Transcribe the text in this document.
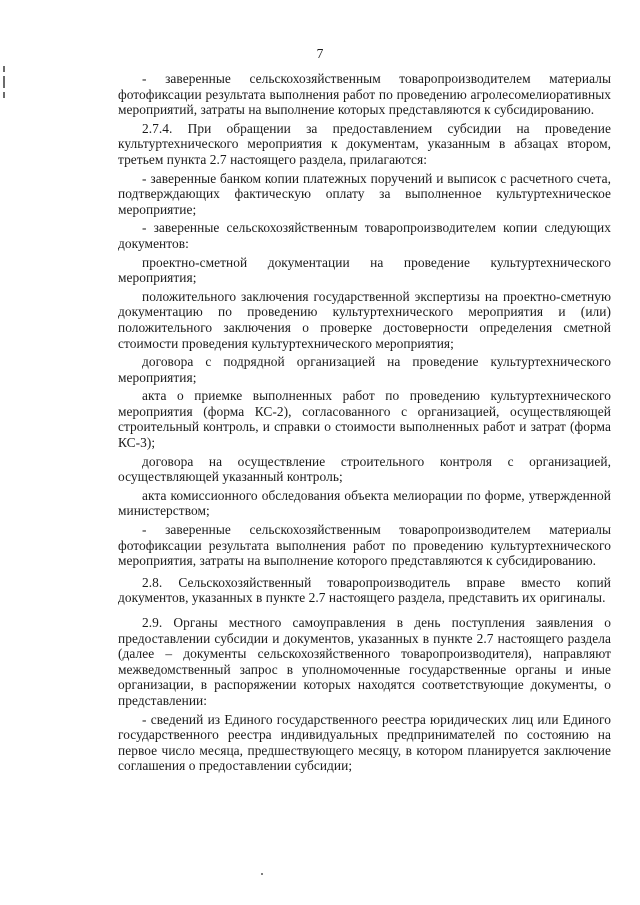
7

- заверенные сельскохозяйственным товаропроизводителем материалы фотофиксации результата выполнения работ по проведению агролесомелиоративных мероприятий, затраты на выполнение которых представляются к субсидированию.

2.7.4. При обращении за предоставлением субсидии на проведение культуртехнического мероприятия к документам, указанным в абзацах втором, третьем пункта 2.7 настоящего раздела, прилагаются:

- заверенные банком копии платежных поручений и выписок с расчетного счета, подтверждающих фактическую оплату за выполненное культуртехническое мероприятие;

- заверенные сельскохозяйственным товаропроизводителем копии следующих документов:

проектно-сметной документации на проведение культуртехнического мероприятия;

положительного заключения государственной экспертизы на проектно-сметную документацию по проведению культуртехнического мероприятия и (или) положительного заключения о проверке достоверности определения сметной стоимости проведения культуртехнического мероприятия;

договора с подрядной организацией на проведение культуртехнического мероприятия;

акта о приемке выполненных работ по проведению культуртехнического мероприятия (форма КС-2), согласованного с организацией, осуществляющей строительный контроль, и справки о стоимости выполненных работ и затрат (форма КС-3);

договора на осуществление строительного контроля с организацией, осуществляющей указанный контроль;

акта комиссионного обследования объекта мелиорации по форме, утвержденной министерством;

- заверенные сельскохозяйственным товаропроизводителем материалы фотофиксации результата выполнения работ по проведению культуртехнического мероприятия, затраты на выполнение которого представляются к субсидированию.

2.8. Сельскохозяйственный товаропроизводитель вправе вместо копий документов, указанных в пункте 2.7 настоящего раздела, представить их оригиналы.

2.9. Органы местного самоуправления в день поступления заявления о предоставлении субсидии и документов, указанных в пункте 2.7 настоящего раздела (далее – документы сельскохозяйственного товаропроизводителя), направляют межведомственный запрос в уполномоченные государственные органы и иные организации, в распоряжении которых находятся соответствующие документы, о представлении:

- сведений из Единого государственного реестра юридических лиц или Единого государственного реестра индивидуальных предпринимателей по состоянию на первое число месяца, предшествующего месяцу, в котором планируется заключение соглашения о предоставлении субсидии;
